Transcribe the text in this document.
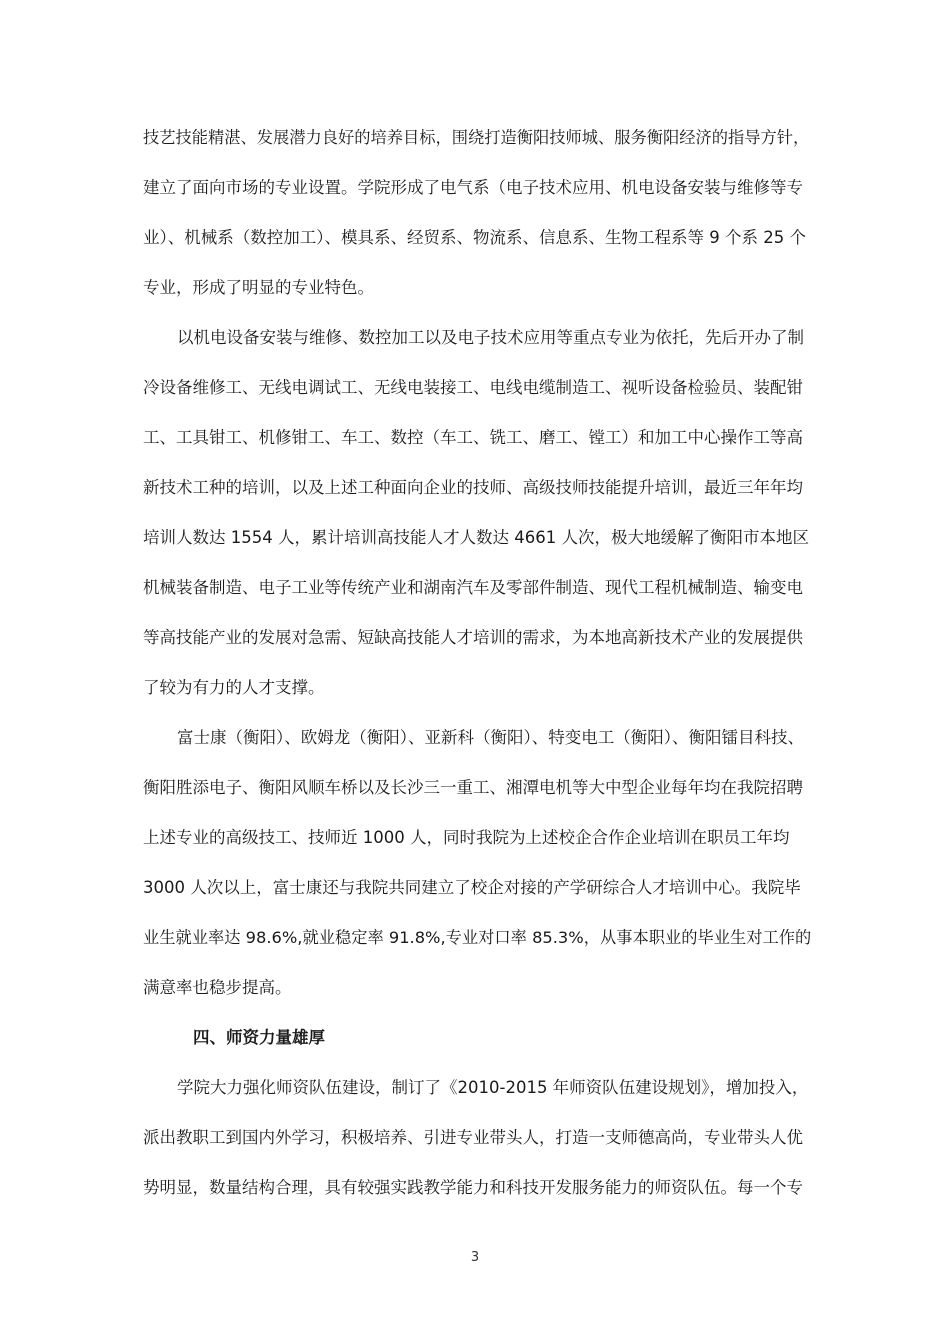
技艺技能精湛、发展潜力良好的培养目标，围绕打造衡阳技师城、服务衡阳经济的指导方针，
建立了面向市场的专业设置。学院形成了电气系（电子技术应用、机电设备安装与维修等专
业）、机械系（数控加工）、模具系、经贸系、物流系、信息系、生物工程系等 9 个系 25 个
专业，形成了明显的专业特色。
以机电设备安装与维修、数控加工以及电子技术应用等重点专业为依托，先后开办了制
冷设备维修工、无线电调试工、无线电装接工、电线电缆制造工、视听设备检验员、装配钳
工、工具钳工、机修钳工、车工、数控（车工、铣工、磨工、镗工）和加工中心操作工等高
新技术工种的培训，以及上述工种面向企业的技师、高级技师技能提升培训，最近三年年均
培训人数达 1554 人，累计培训高技能人才人数达 4661 人次，极大地缓解了衡阳市本地区
机械装备制造、电子工业等传统产业和湖南汽车及零部件制造、现代工程机械制造、输变电
等高技能产业的发展对急需、短缺高技能人才培训的需求，为本地高新技术产业的发展提供
了较为有力的人才支撑。
富士康（衡阳）、欧姆龙（衡阳）、亚新科（衡阳）、特变电工（衡阳）、衡阳镭目科技、
衡阳胜添电子、衡阳风顺车桥以及长沙三一重工、湘潭电机等大中型企业每年均在我院招聘
上述专业的高级技工、技师近 1000 人，同时我院为上述校企合作企业培训在职员工年均
3000 人次以上，富士康还与我院共同建立了校企对接的产学研综合人才培训中心。我院毕
业生就业率达 98.6%,就业稳定率 91.8%,专业对口率 85.3%，从事本职业的毕业生对工作的
满意率也稳步提高。
四、师资力量雄厚
学院大力强化师资队伍建设，制订了《2010-2015 年师资队伍建设规划》，增加投入，
派出教职工到国内外学习，积极培养、引进专业带头人，打造一支师德高尚，专业带头人优
势明显，数量结构合理，具有较强实践教学能力和科技开发服务能力的师资队伍。每一个专
3
